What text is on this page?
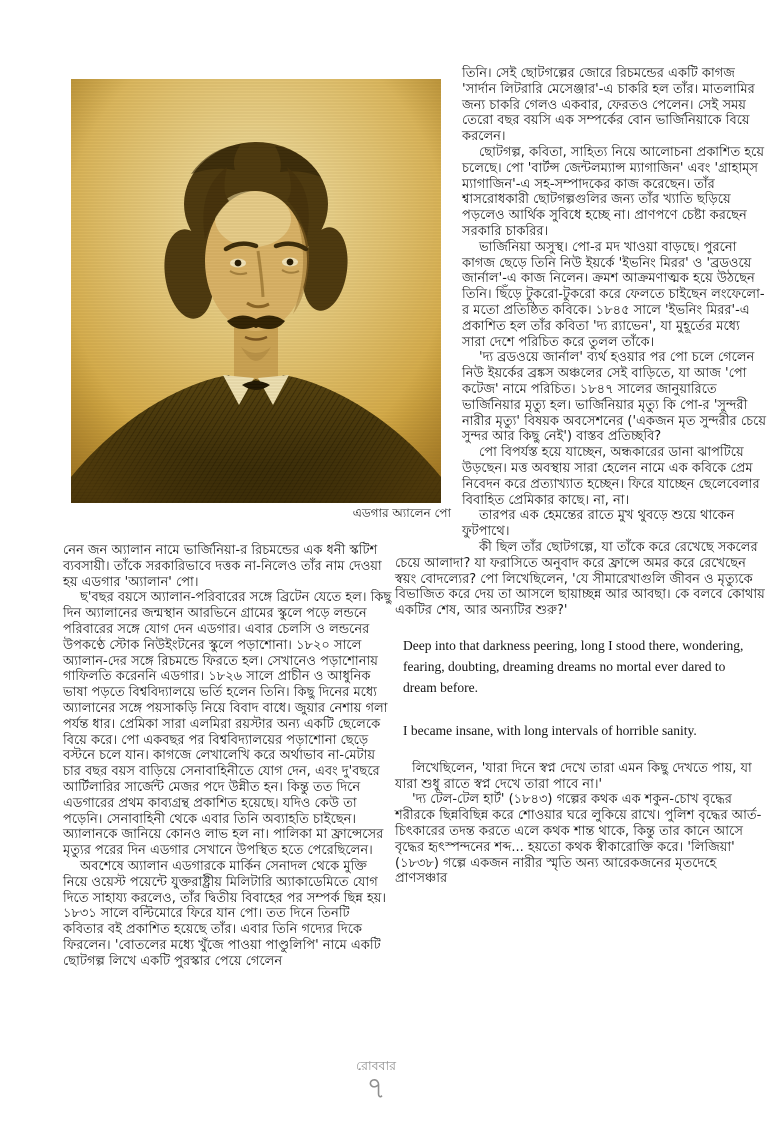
এডগার অ্যালেন পো

তিনি। সেই ছোটগল্পের জোরে রিচমন্ডের একটি কাগজ 'সার্দান লিটরারি মেসেঞ্জার'-এ চাকরি হল তাঁর। মাতলামির জন্য চাকরি গেলও একবার, ফেরতও পেলেন। সেই সময় তেরো বছর বয়সি এক সম্পর্কের বোন ভার্জিনিয়াকে বিয়ে করলেন।

ছোটগল্প, কবিতা, সাহিত্য নিয়ে আলোচনা প্রকাশিত হয়ে চলেছে। পো 'বার্টন্স জেন্টলম্যান্স ম্যাগাজিন' এবং 'গ্রাহাম্স ম্যাগাজিন'-এ সহ-সম্পাদকের কাজ করেছেন। তাঁর শ্বাসরোধকারী ছোটগল্পগুলির জন্য তাঁর খ্যাতি ছড়িয়ে পড়লেও আর্থিক সুবিধে হচ্ছে না। প্রাণপণে চেষ্টা করছেন সরকারি চাকরির।

ভার্জিনিয়া অসুস্থ। পো-র মদ খাওয়া বাড়ছে। পুরনো কাগজ ছেড়ে তিনি নিউ ইয়র্কে 'ইভনিং মিরর' ও 'ব্রডওয়ে জার্নাল'-এ কাজ নিলেন। ক্রমশ আক্রমণাত্মক হয়ে উঠছেন তিনি। ছিঁড়ে টুকরো-টুকরো করে ফেলতে চাইছেন লংফেলো-র মতো প্রতিষ্ঠিত কবিকে। ১৮৪৫ সালে 'ইভনিং মিরর'-এ প্রকাশিত হল তাঁর কবিতা 'দ্য র‍্যাভেন', যা মুহূর্তের মধ্যে সারা দেশে পরিচিত করে তুলল তাঁকে।

'দ্য ব্রডওয়ে জার্নাল' ব্যর্থ হওয়ার পর পো চলে গেলেন নিউ ইয়র্কের ব্রঙ্কস অঞ্চলের সেই বাড়িতে, যা আজ 'পো কটেজ' নামে পরিচিত। ১৮৪৭ সালের জানুয়ারিতে ভার্জিনিয়ার মৃত্যু হল। ভার্জিনিয়ার মৃত্যু কি পো-র 'সুন্দরী নারীর মৃত্যু' বিষয়ক অবসেশনের ('একজন মৃত সুন্দরীর চেয়ে সুন্দর আর কিছু নেই') বাস্তব প্রতিচ্ছবি?

পো বিপর্যস্ত হয়ে যাচ্ছেন, অন্ধকারের ডানা ঝাপটিয়ে উড়ছেন। মত্ত অবস্থায় সারা হেলেন নামে এক কবিকে প্রেম নিবেদন করে প্রত্যাখ্যাত হচ্ছেন। ফিরে যাচ্ছেন ছেলেবেলার বিবাহিত প্রেমিকার কাছে। না, না।

তারপর এক হেমন্তের রাতে মুখ থুবড়ে শুয়ে থাকেন ফুটপাথে।

কী ছিল তাঁর ছোটগল্পে, যা তাঁকে করে রেখেছে সকলের চেয়ে আলাদা? যা ফরাসিতে অনুবাদ করে ফ্রান্সে অমর করে রেখেছেন স্বয়ং বোদল্যের? পো লিখেছিলেন, 'যে সীমারেখাগুলি জীবন ও মৃত্যুকে বিভাজিত করে দেয় তা আসলে ছায়াচ্ছন্ন আর আবছা। কে বলবে কোথায় একটির শেষ, আর অন্যটির শুরু?'

Deep into that darkness peering, long I stood there, wondering, fearing, doubting, dreaming dreams no mortal ever dared to dream before.

I became insane, with long intervals of horrible sanity.

লিখেছিলেন, 'যারা দিনে স্বপ্ন দেখে তারা এমন কিছু দেখতে পায়, যা যারা শুধু রাতে স্বপ্ন দেখে তারা পাবে না।'

'দ্য টেল-টেল হার্ট' (১৮৪৩) গল্পের কথক এক শকুন-চোখ বৃদ্ধের শরীরকে ছিন্নবিছিন্ন করে শোওয়ার ঘরে লুকিয়ে রাখে। পুলিশ বৃদ্ধের আর্ত-চিৎকারের তদন্ত করতে এলে কথক শান্ত থাকে, কিন্তু তার কানে আসে বৃদ্ধের হৃৎস্পন্দনের শব্দ... হয়তো কথক স্বীকারোক্তি করে। 'লিজিয়া' (১৮৩৮) গল্পে একজন নারীর স্মৃতি অন্য আরেকজনের মৃতদেহে প্রাণসঞ্চার

নেন জন অ্যালান নামে ভার্জিনিয়া-র রিচমন্ডের এক ধনী স্কটিশ ব্যবসায়ী। তাঁকে সরকারিভাবে দত্তক না-নিলেও তাঁর নাম দেওয়া হয় এডগার 'অ্যালান' পো।

ছ'বছর বয়সে অ্যালান-পরিবারের সঙ্গে ব্রিটেন যেতে হল। কিছু দিন অ্যালানের জন্মস্থান আরভিনে গ্রামের স্কুলে পড়ে লন্ডনে পরিবারের সঙ্গে যোগ দেন এডগার। এবার চেলসি ও লন্ডনের উপকণ্ঠে স্টোক নিউইংটনের স্কুলে পড়াশোনা। ১৮২০ সালে অ্যালান-দের সঙ্গে রিচমন্ডে ফিরতে হল। সেখানেও পড়াশোনায় গাফিলতি করেননি এডগার। ১৮২৬ সালে প্রাচীন ও আধুনিক ভাষা পড়তে বিশ্ববিদ্যালয়ে ভর্তি হলেন তিনি। কিছু দিনের মধ্যে অ্যালানের সঙ্গে পয়সাকড়ি নিয়ে বিবাদ বাধে। জুয়ার নেশায় গলা পর্যন্ত ধার। প্রেমিকা সারা এলমিরা রয়স্টার অন্য একটি ছেলেকে বিয়ে করে। পো একবছর পর বিশ্ববিদ্যালয়ের পড়াশোনা ছেড়ে বস্টনে চলে যান। কাগজে লেখালেখি করে অর্থাভাব না-মেটায় চার বছর বয়স বাড়িয়ে সেনাবাহিনীতে যোগ দেন, এবং দু'বছরে আর্টিলারির সার্জেন্ট মেজর পদে উন্নীত হন। কিন্তু তত দিনে এডগারের প্রথম কাব্যগ্রন্থ প্রকাশিত হয়েছে। যদিও কেউ তা পড়েনি। সেনাবাহিনী থেকে এবার তিনি অব্যাহতি চাইছেন। অ্যালানকে জানিয়ে কোনও লাভ হল না। পালিকা মা ফ্রান্সেসের মৃত্যুর পরের দিন এডগার সেখানে উপস্থিত হতে পেরেছিলেন।

অবশেষে অ্যালান এডগারকে মার্কিন সেনাদল থেকে মুক্তি নিয়ে ওয়েস্ট পয়েন্টে যুক্তরাষ্ট্রীয় মিলিটারি অ্যাকাডেমিতে যোগ দিতে সাহায্য করলেও, তাঁর দ্বিতীয় বিবাহের পর সম্পর্ক ছিন্ন হয়। ১৮৩১ সালে বল্টিমোরে ফিরে যান পো। তত দিনে তিনটি কবিতার বই প্রকাশিত হয়েছে তাঁর। এবার তিনি গদ্যের দিকে ফিরলেন। 'বোতলের মধ্যে খুঁজে পাওয়া পাণ্ডুলিপি' নামে একটি ছোটগল্প লিখে একটি পুরস্কার পেয়ে গেলেন

রোববার
৭
